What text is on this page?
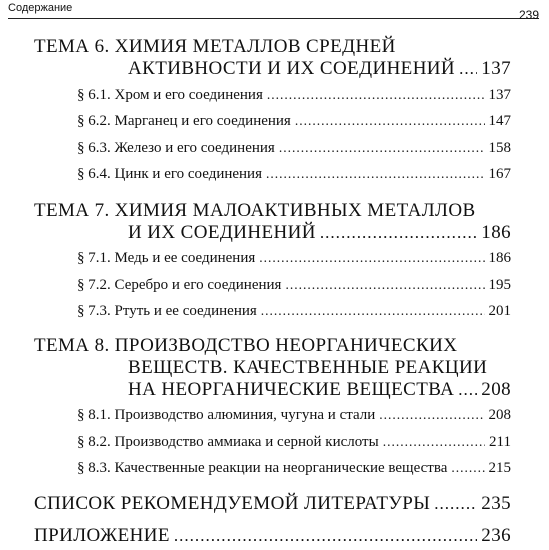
Содержание	239
ТЕМА 6. ХИМИЯ МЕТАЛЛОВ СРЕДНЕЙ
АКТИВНОСТИ И ИХ СОЕДИНЕНИЙ ..... 137
§ 6.1. Хром и его соединения .....	137
§ 6.2. Марганец и его соединения .....	147
§ 6.3. Железо и его соединения .....	158
§ 6.4. Цинк и его соединения .....	167
ТЕМА 7. ХИМИЯ МАЛОАКТИВНЫХ МЕТАЛЛОВ
И ИХ СОЕДИНЕНИЙ .....	186
§ 7.1. Медь и ее соединения .....	186
§ 7.2. Серебро и его соединения .....	195
§ 7.3. Ртуть и ее соединения .....	201
ТЕМА 8. ПРОИЗВОДСТВО НЕОРГАНИЧЕСКИХ
ВЕЩЕСТВ. КАЧЕСТВЕННЫЕ РЕАКЦИИ
НА НЕОРГАНИЧЕСКИЕ ВЕЩЕСТВА ..... 208
§ 8.1. Производство алюминия, чугуна и стали .....	208
§ 8.2. Производство аммиака и серной кислоты .....	211
§ 8.3. Качественные реакции на неорганические вещества .....	215
СПИСОК РЕКОМЕНДУЕМОЙ ЛИТЕРАТУРЫ .....	235
ПРИЛОЖЕНИЕ .....	236
